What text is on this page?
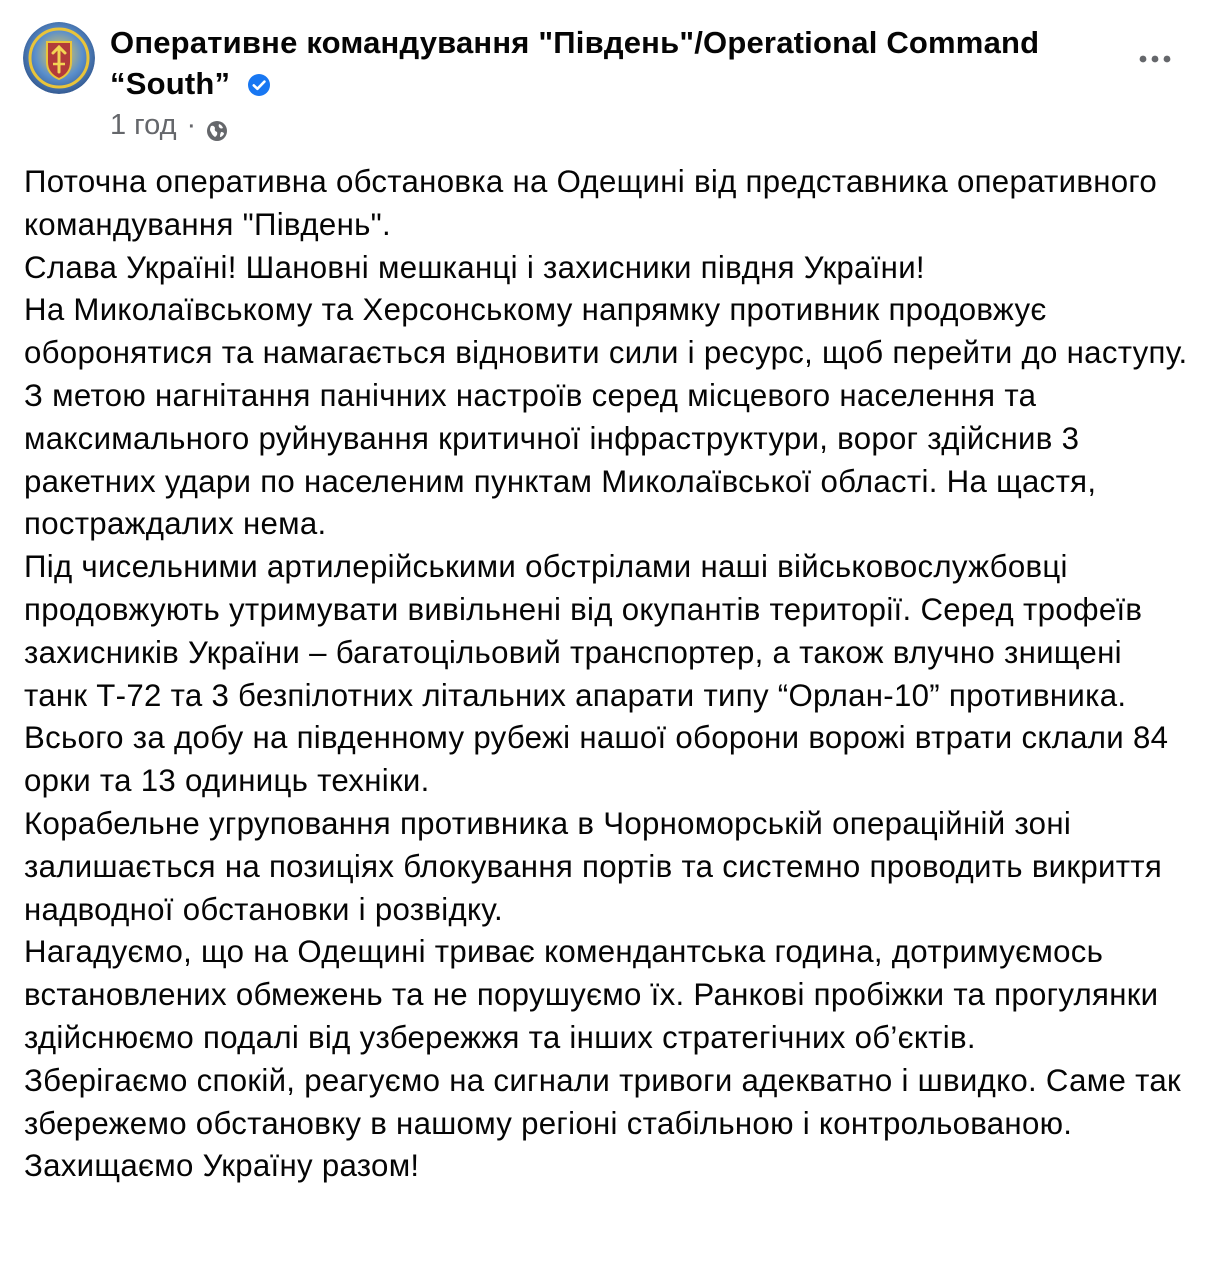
Оперативне командування "Південь"/Operational Command “South”
1 год ·

Поточна оперативна обстановка на Одещині від представника оперативного командування "Південь".

Слава Україні! Шановні мешканці і захисники півдня України!

На Миколаївському та Херсонському напрямку противник продовжує оборонятися та намагається відновити сили і ресурс, щоб перейти до наступу.

З метою нагнітання панічних настроїв серед місцевого населення та максимального руйнування критичної інфраструктури, ворог здійснив 3 ракетних удари по населеним пунктам Миколаївської області. На щастя, постраждалих нема.

Під чисельними артилерійськими обстрілами наші військовослужбовці продовжують утримувати вивільнені від окупантів території. Серед трофеїв захисників України – багатоцільовий транспортер, а також влучно знищені танк Т-72 та 3 безпілотних літальних апарати типу “Орлан-10” противника.

Всього за добу на південному рубежі нашої оборони ворожі втрати склали 84 орки та 13 одиниць техніки.

Корабельне угруповання противника в Чорноморській операційній зоні залишається на позиціях блокування портів та системно проводить викриття надводної обстановки і розвідку.

Нагадуємо, що на Одещині триває комендантська година, дотримуємось встановлених обмежень та не порушуємо їх. Ранкові пробіжки та прогулянки здійснюємо подалі від узбережжя та інших стратегічних об’єктів.

Зберігаємо спокій, реагуємо на сигнали тривоги адекватно і швидко. Саме так збережемо обстановку в нашому регіоні стабільною і контрольованою.

Захищаємо Україну разом!
